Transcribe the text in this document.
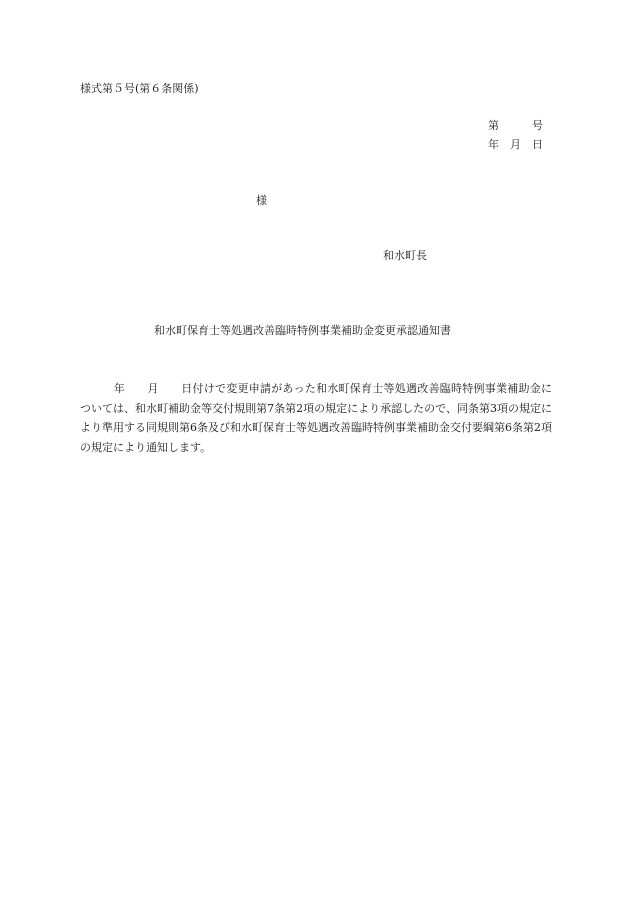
様式第５号(第６条関係)
第　　　号
年　月　日
様
和水町長
和水町保育士等処遇改善臨時特例事業補助金変更承認通知書
　　　年　　月　　日付けで変更申請があった和水町保育士等処遇改善臨時特例事業補助金については、和水町補助金等交付規則第7条第2項の規定により承認したので、同条第3項の規定により準用する同規則第6条及び和水町保育士等処遇改善臨時特例事業補助金交付要綱第6条第2項の規定により通知します。
